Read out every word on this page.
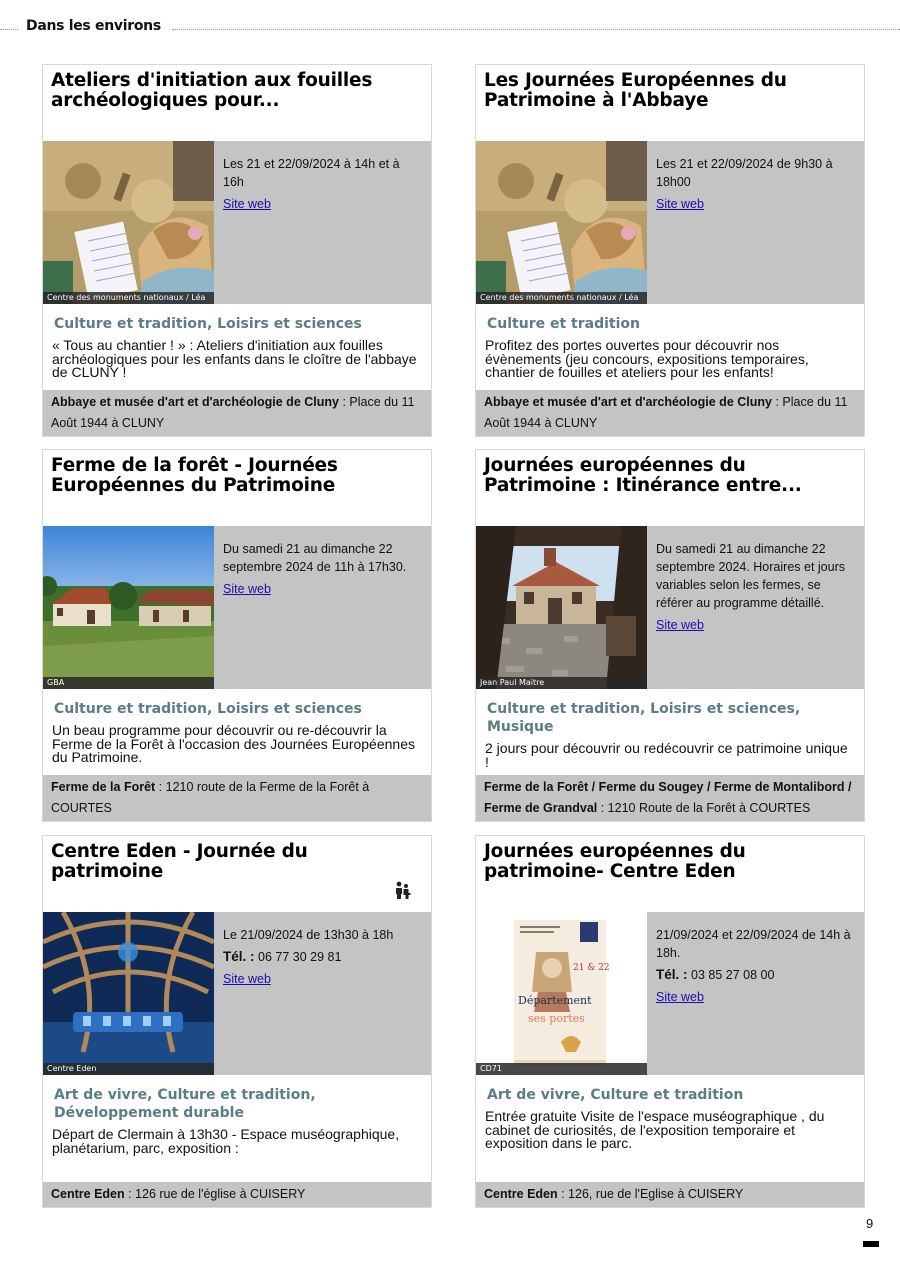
Dans les environs
Ateliers d'initiation aux fouilles archéologiques pour...
Centre des monuments nationaux / Léa
Les 21 et 22/09/2024 à 14h et à 16h
Site web
Culture et tradition, Loisirs et sciences
« Tous au chantier ! » : Ateliers d'initiation aux fouilles archéologiques pour les enfants dans le cloître de l'abbaye de CLUNY !
Abbaye et musée d'art et d'archéologie de Cluny : Place du 11 Août 1944 à CLUNY
Les Journées Européennes du Patrimoine à l'Abbaye
Centre des monuments nationaux / Léa
Les 21 et 22/09/2024 de 9h30 à 18h00
Site web
Culture et tradition
Profitez des portes ouvertes pour découvrir nos évènements (jeu concours, expositions temporaires, chantier de fouilles et ateliers pour les enfants!
Abbaye et musée d'art et d'archéologie de Cluny : Place du 11 Août 1944 à CLUNY
Ferme de la forêt - Journées Européennes du Patrimoine
GBA
Du samedi 21 au dimanche 22 septembre 2024 de 11h à 17h30.
Site web
Culture et tradition, Loisirs et sciences
Un beau programme pour découvrir ou re-découvrir la Ferme de la Forêt à l'occasion des Journées Européennes du Patrimoine.
Ferme de la Forêt : 1210 route de la Ferme de la Forêt à COURTES
Journées européennes du Patrimoine : Itinérance entre...
Jean Paul Maitre
Du samedi 21 au dimanche 22 septembre 2024. Horaires et jours variables selon les fermes, se référer au programme détaillé.
Site web
Culture et tradition, Loisirs et sciences, Musique
2 jours pour découvrir ou redécouvrir ce patrimoine unique !
Ferme de la Forêt / Ferme du Sougey / Ferme de Montalibord / Ferme de Grandval : 1210 Route de la Forêt à COURTES
Centre Eden - Journée du patrimoine
Centre Eden
Le 21/09/2024 de 13h30 à 18h
Tél. : 06 77 30 29 81
Site web
Art de vivre, Culture et tradition, Développement durable
Départ de Clermain à 13h30 - Espace muséographique, planétarium, parc, exposition :
Centre Eden : 126 rue de l'église à CUISERY
Journées européennes du patrimoine- Centre Eden
21 & 22
Département
ses portes
CD71
21/09/2024 et 22/09/2024 de 14h à 18h.
Tél. : 03 85 27 08 00
Site web
Art de vivre, Culture et tradition
Entrée gratuite Visite de l'espace muséographique , du cabinet de curiosités, de l'exposition temporaire et exposition dans le parc.
Centre Eden : 126, rue de l'Eglise à CUISERY
9
